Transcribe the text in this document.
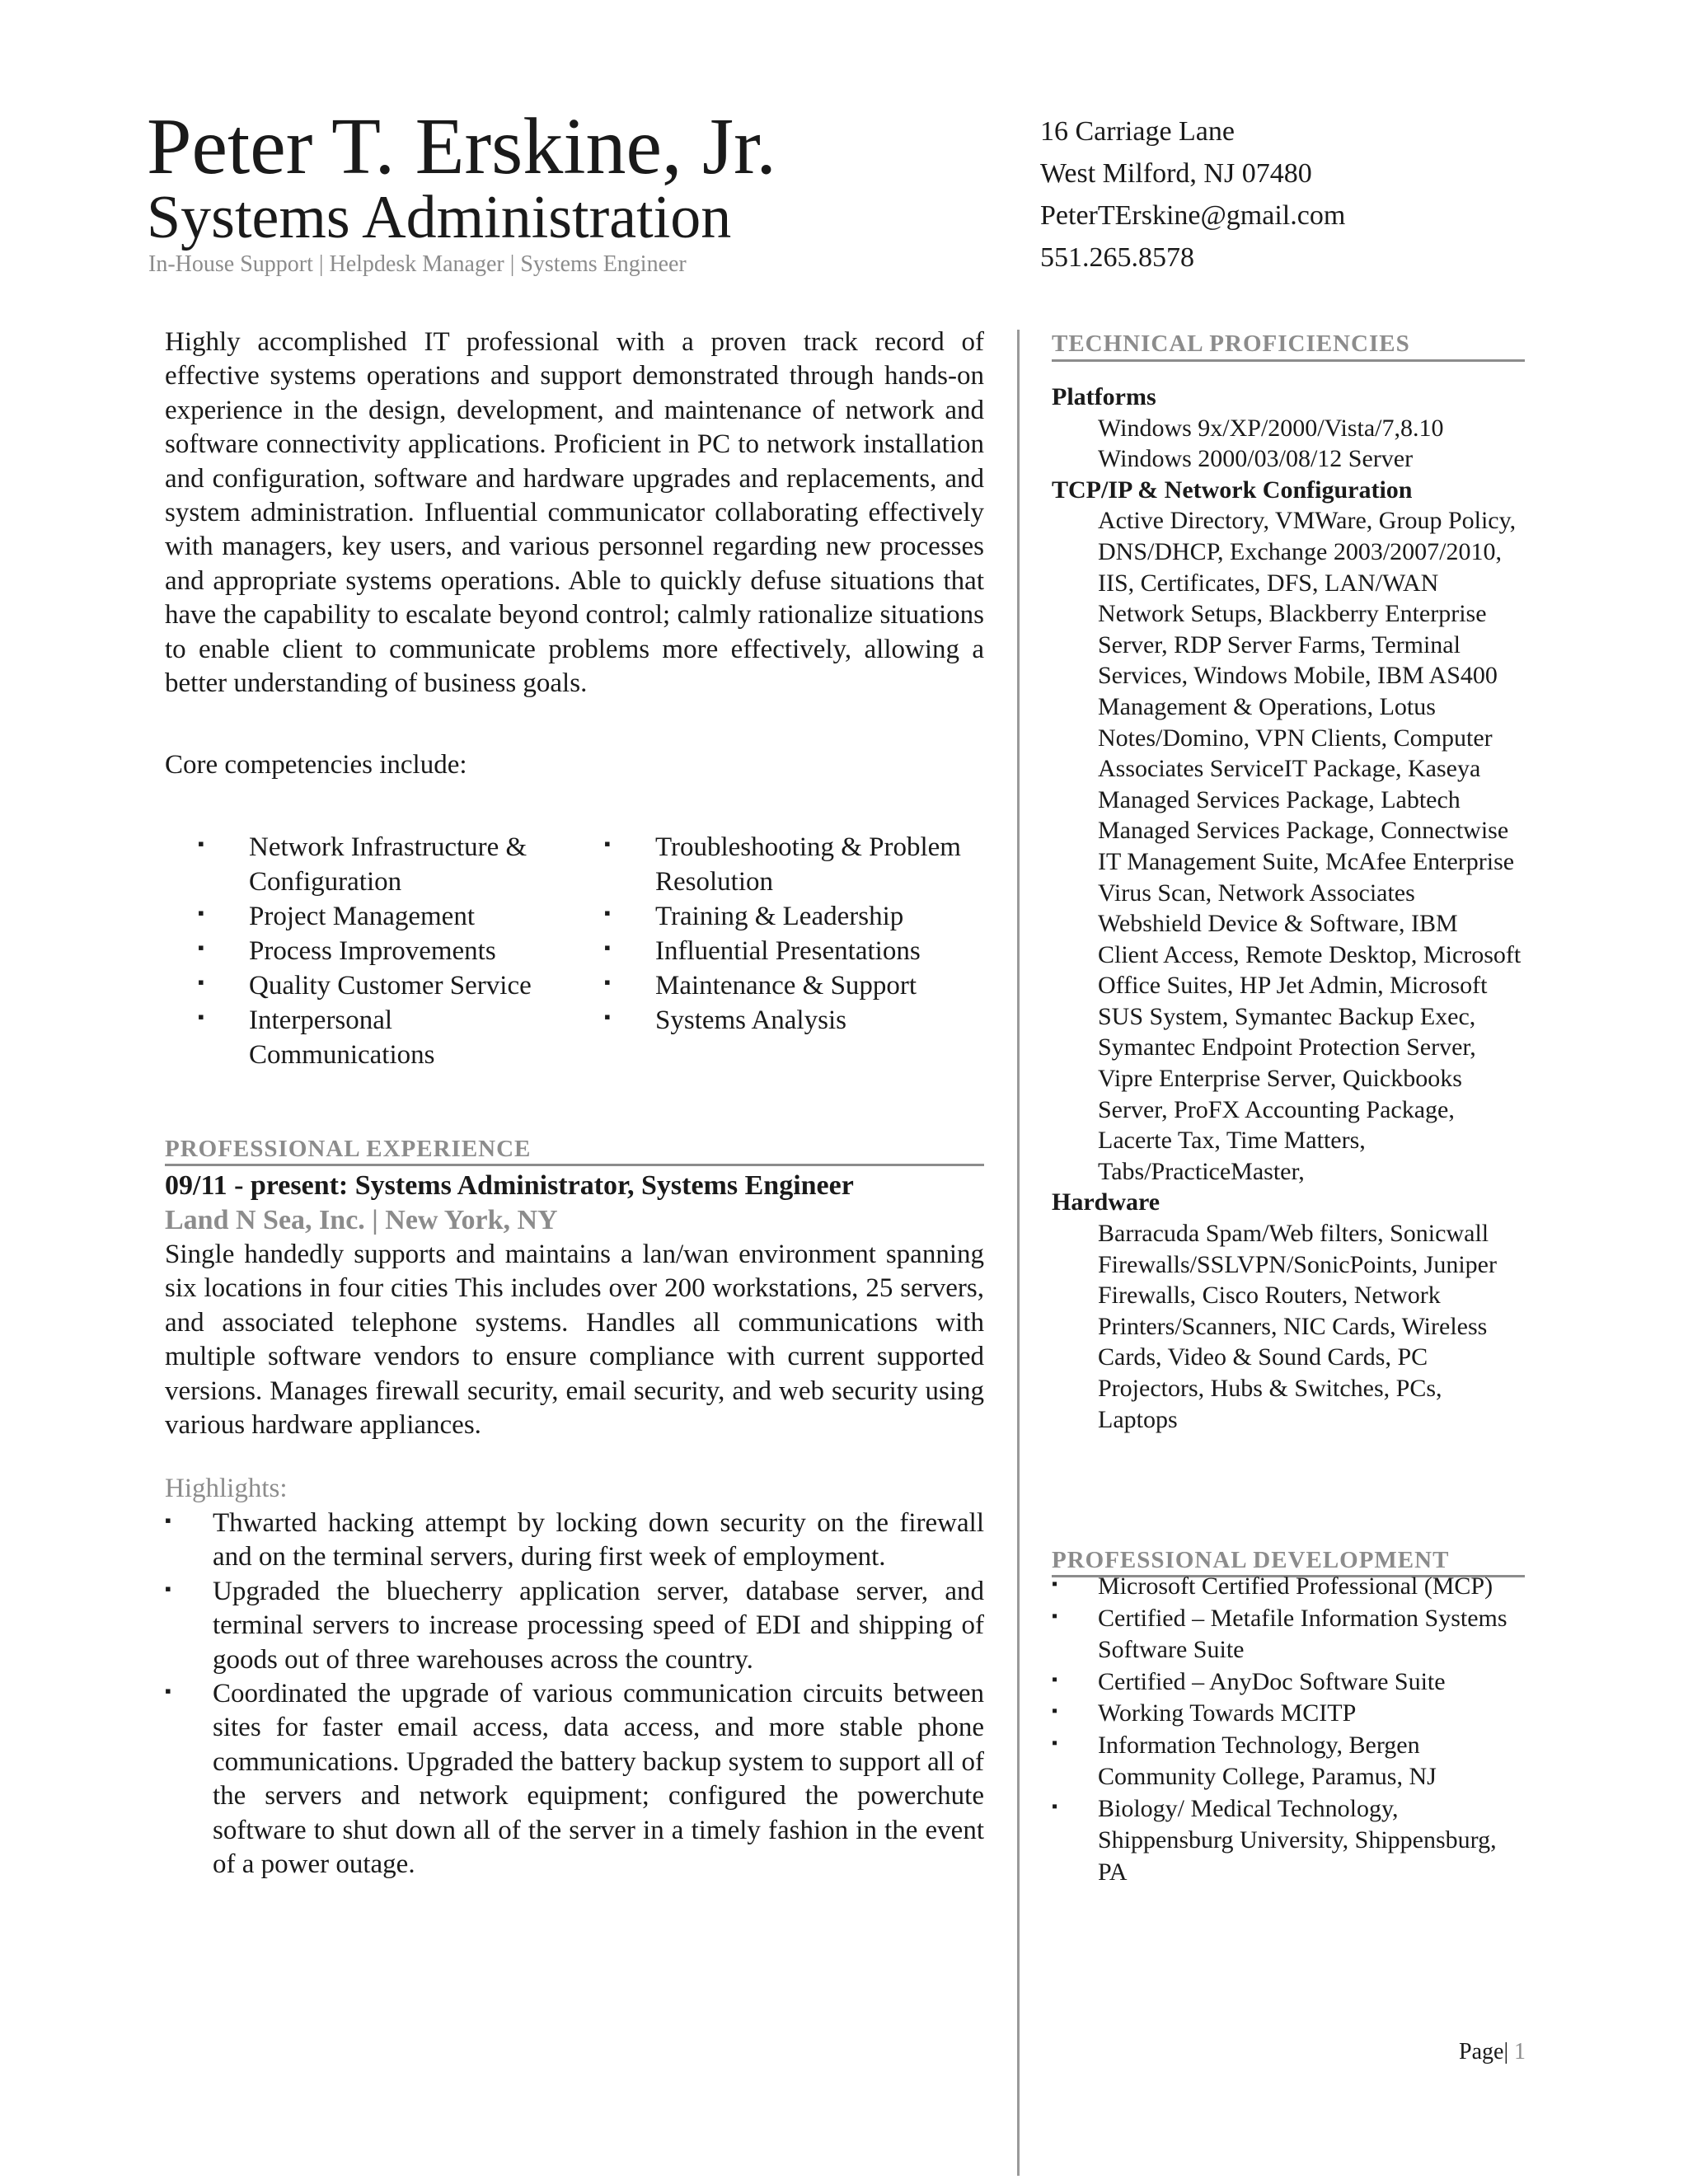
Peter T. Erskine, Jr.
Systems Administration
In-House Support | Helpdesk Manager | Systems Engineer
16 Carriage Lane
West Milford, NJ 07480
PeterTErskine@gmail.com
551.265.8578
Highly accomplished IT professional with a proven track record of effective systems operations and support demonstrated through hands-on experience in the design, development, and maintenance of network and software connectivity applications. Proficient in PC to network installation and configuration, software and hardware upgrades and replacements, and system administration. Influential communicator collaborating effectively with managers, key users, and various personnel regarding new processes and appropriate systems operations. Able to quickly defuse situations that have the capability to escalate beyond control; calmly rationalize situations to enable client to communicate problems more effectively, allowing a better understanding of business goals.
Core competencies include:
▪ Network Infrastructure & Configuration
▪ Project Management
▪ Process Improvements
▪ Quality Customer Service
▪ Interpersonal Communications
▪ Troubleshooting & Problem Resolution
▪ Training & Leadership
▪ Influential Presentations
▪ Maintenance & Support
▪ Systems Analysis
PROFESSIONAL EXPERIENCE
09/11 - present: Systems Administrator, Systems Engineer
Land N Sea, Inc. | New York, NY
Single handedly supports and maintains a lan/wan environment spanning six locations in four cities This includes over 200 workstations, 25 servers, and associated telephone systems. Handles all communications with multiple software vendors to ensure compliance with current supported versions. Manages firewall security, email security, and web security using various hardware appliances.
Highlights:
▪ Thwarted hacking attempt by locking down security on the firewall and on the terminal servers, during first week of employment.
▪ Upgraded the bluecherry application server, database server, and terminal servers to increase processing speed of EDI and shipping of goods out of three warehouses across the country.
▪ Coordinated the upgrade of various communication circuits between sites for faster email access, data access, and more stable phone communications. Upgraded the battery backup system to support all of the servers and network equipment; configured the powerchute software to shut down all of the server in a timely fashion in the event of a power outage.
TECHNICAL PROFICIENCIES
Platforms
Windows 9x/XP/2000/Vista/7,8.10
Windows 2000/03/08/12 Server
TCP/IP & Network Configuration
Active Directory, VMWare, Group Policy, DNS/DHCP, Exchange 2003/2007/2010, IIS, Certificates, DFS, LAN/WAN Network Setups, Blackberry Enterprise Server, RDP Server Farms, Terminal Services, Windows Mobile, IBM AS400 Management & Operations, Lotus Notes/Domino, VPN Clients, Computer Associates ServiceIT Package, Kaseya Managed Services Package, Labtech Managed Services Package, Connectwise IT Management Suite, McAfee Enterprise Virus Scan, Network Associates Webshield Device & Software, IBM Client Access, Remote Desktop, Microsoft Office Suites, HP Jet Admin, Microsoft SUS System, Symantec Backup Exec, Symantec Endpoint Protection Server, Vipre Enterprise Server, Quickbooks Server, ProFX Accounting Package, Lacerte Tax, Time Matters, Tabs/PracticeMaster,
Hardware
Barracuda Spam/Web filters, Sonicwall Firewalls/SSLVPN/SonicPoints, Juniper Firewalls, Cisco Routers, Network Printers/Scanners, NIC Cards, Wireless Cards, Video & Sound Cards, PC Projectors, Hubs & Switches, PCs, Laptops
PROFESSIONAL DEVELOPMENT
▪ Microsoft Certified Professional (MCP)
▪ Certified – Metafile Information Systems Software Suite
▪ Certified – AnyDoc Software Suite
▪ Working Towards MCITP
▪ Information Technology, Bergen Community College, Paramus, NJ
▪ Biology/ Medical Technology, Shippensburg University, Shippensburg, PA
Page| 1
